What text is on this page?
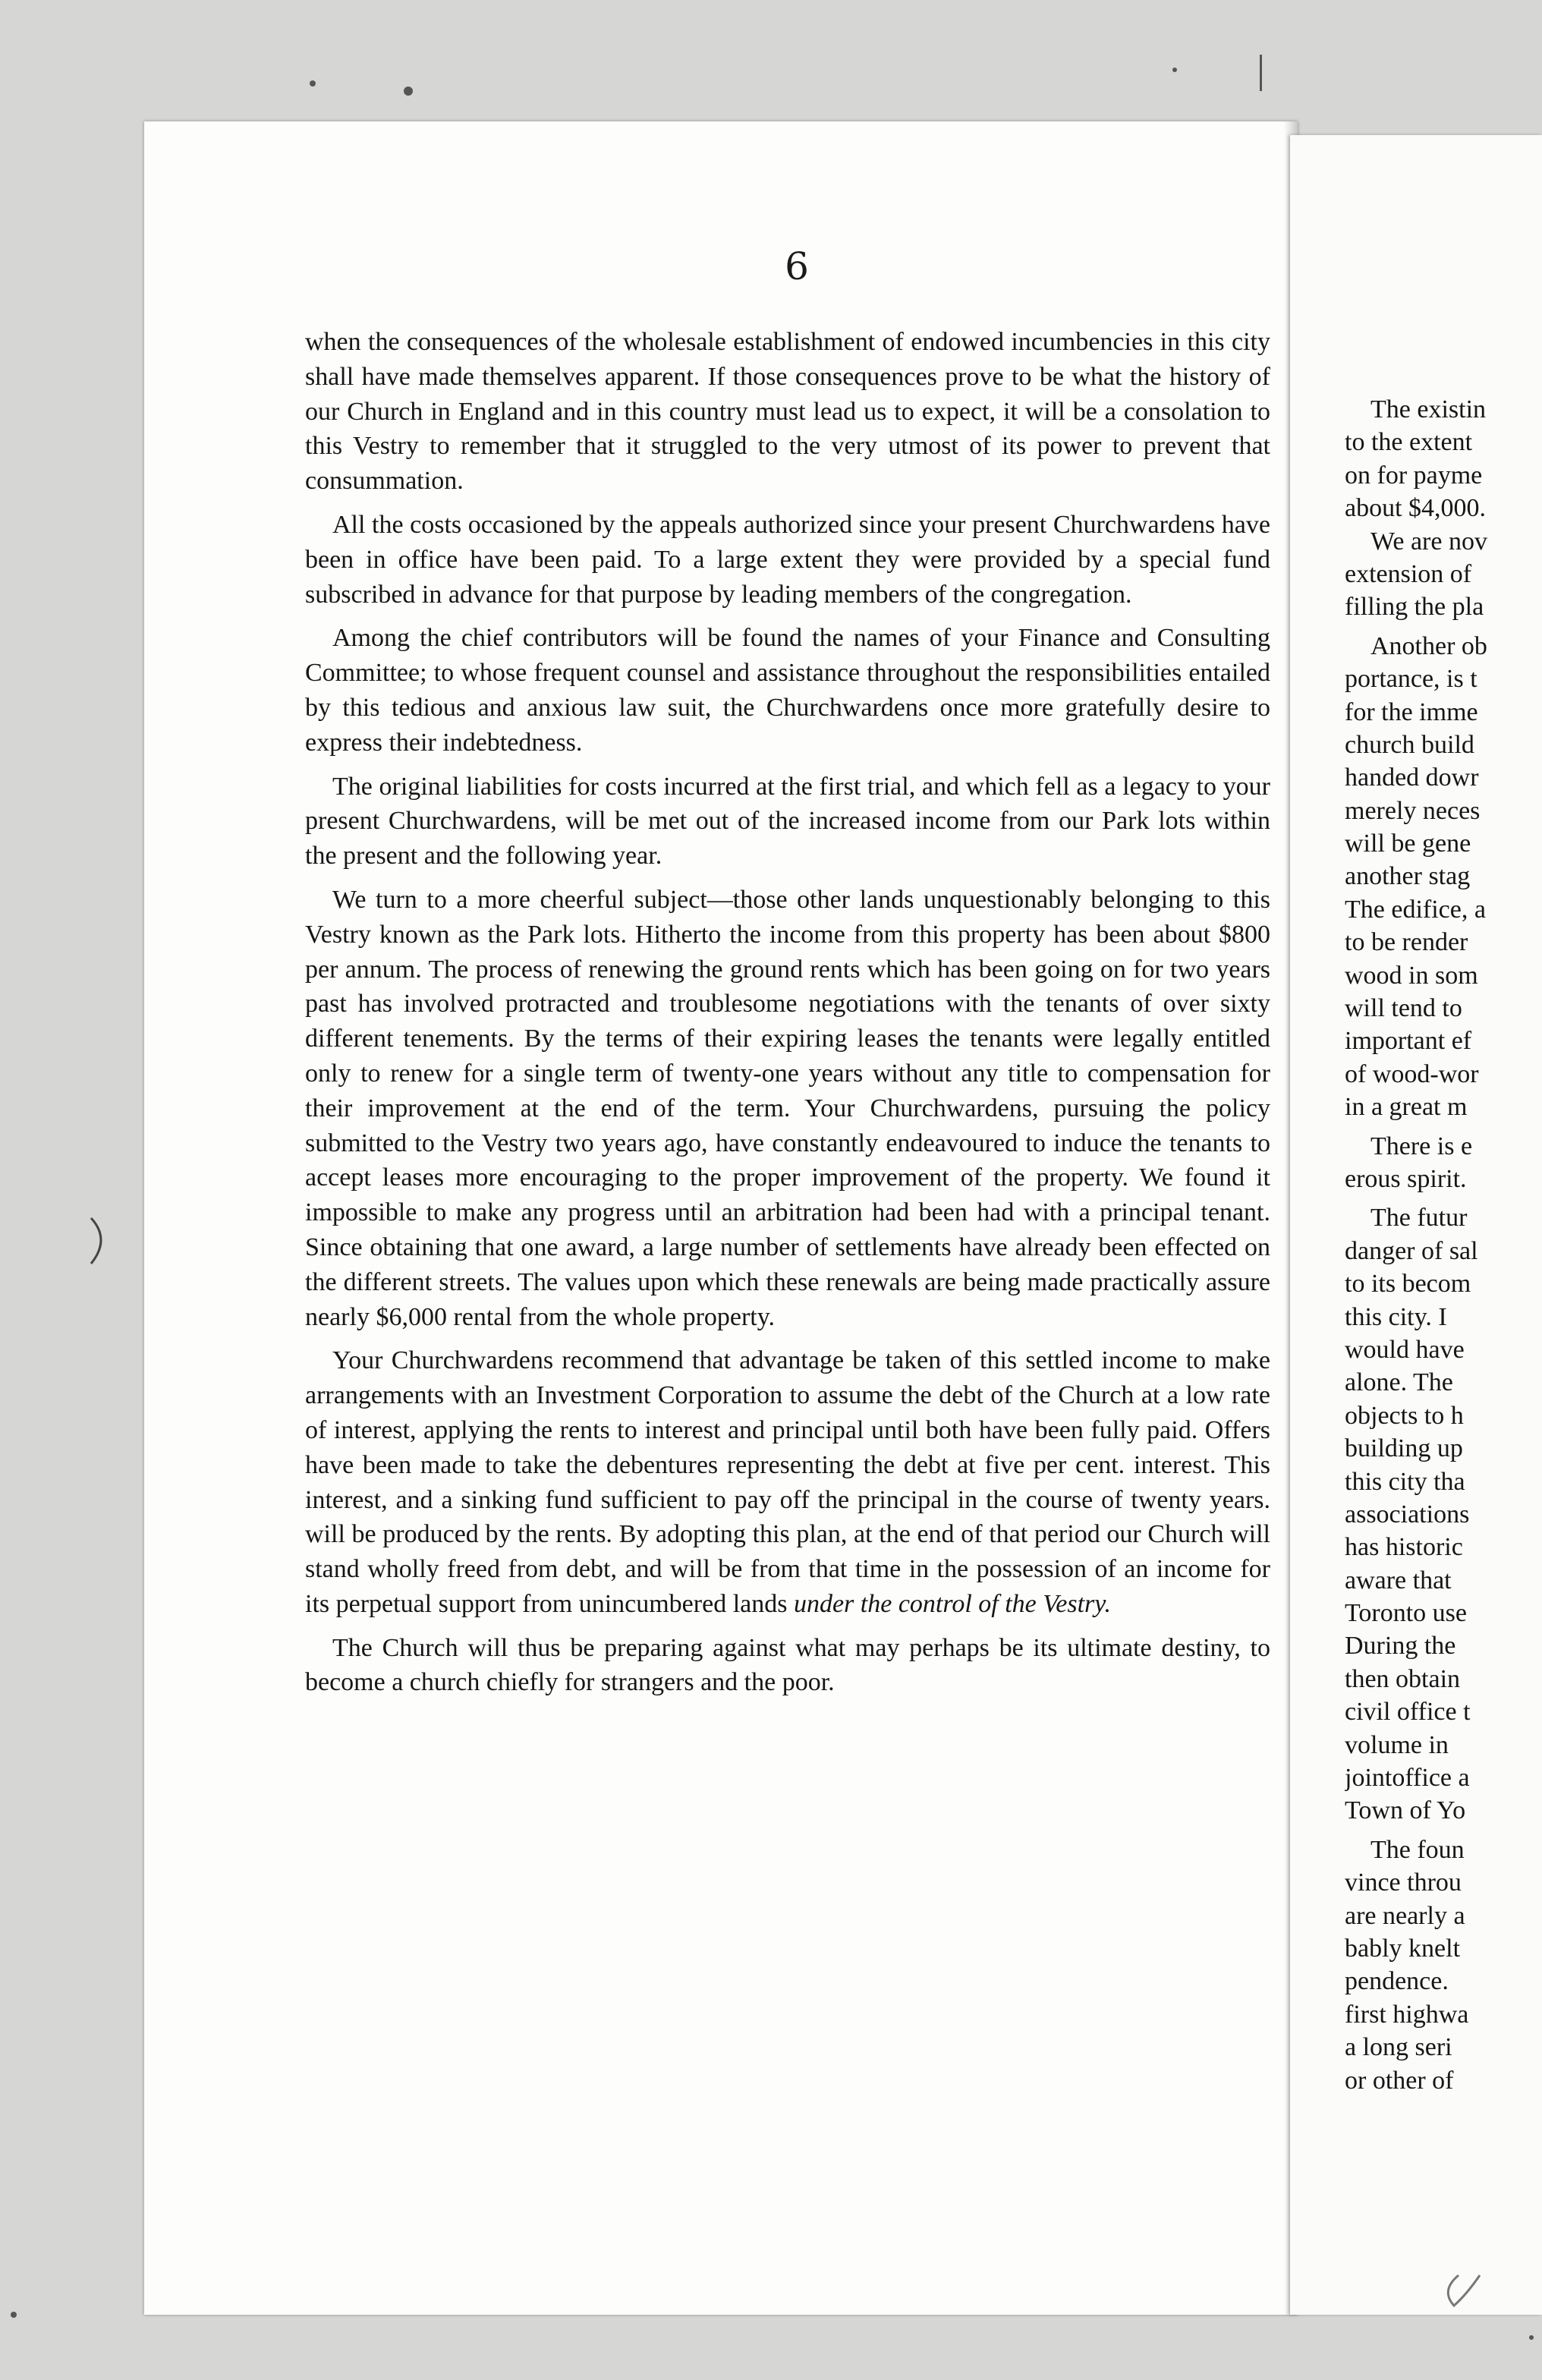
6

when the consequences of the wholesale establishment of endowed incumbencies in this city shall have made themselves apparent. If those consequences prove to be what the history of our Church in England and in this country must lead us to expect, it will be a consolation to this Vestry to remember that it struggled to the very utmost of its power to prevent that consummation.

All the costs occasioned by the appeals authorized since your present Churchwardens have been in office have been paid. To a large extent they were provided by a special fund subscribed in advance for that purpose by leading members of the congregation.

Among the chief contributors will be found the names of your Finance and Consulting Committee; to whose frequent counsel and assistance throughout the responsibilities entailed by this tedious and anxious law suit, the Churchwardens once more gratefully desire to express their indebtedness.

The original liabilities for costs incurred at the first trial, and which fell as a legacy to your present Churchwardens, will be met out of the increased income from our Park lots within the present and the following year.

We turn to a more cheerful subject—those other lands unquestionably belonging to this Vestry known as the Park lots. Hitherto the income from this property has been about $800 per annum. The process of renewing the ground rents which has been going on for two years past has involved protracted and troublesome negotiations with the tenants of over sixty different tenements. By the terms of their expiring leases the tenants were legally entitled only to renew for a single term of twenty-one years without any title to compensation for their improvement at the end of the term. Your Churchwardens, pursuing the policy submitted to the Vestry two years ago, have constantly endeavoured to induce the tenants to accept leases more encouraging to the proper improvement of the property. We found it impossible to make any progress until an arbitration had been had with a principal tenant. Since obtaining that one award, a large number of settlements have already been effected on the different streets. The values upon which these renewals are being made practically assure nearly $6,000 rental from the whole property.

Your Churchwardens recommend that advantage be taken of this settled income to make arrangements with an Investment Corporation to assume the debt of the Church at a low rate of interest, applying the rents to interest and principal until both have been fully paid. Offers have been made to take the debentures representing the debt at five per cent. interest. This interest, and a sinking fund sufficient to pay off the principal in the course of twenty years. will be produced by the rents. By adopting this plan, at the end of that period our Church will stand wholly freed from debt, and will be from that time in the possession of an income for its perpetual support from unincumbered lands under the control of the Vestry.

The Church will thus be preparing against what may perhaps be its ultimate destiny, to become a church chiefly for strangers and the poor.

The existin
to the extent
on for payme
about $4,000.
We are nov
extension of
filling the pla
Another ob
portance, is t
for the imme
church build
handed dowr
merely neces
will be gene
another stag
The edifice, a
to be render
wood in som
will tend to
important ef
of wood-wor
in a great m
There is e
erous spirit.
The futur
danger of sal
to its becom
this city. I
would have
alone. The
objects to h
building up
this city tha
associations
has historic
aware that
Toronto use
During the
then obtain
civil office t
volume in
jointoffice a
Town of Yo
The foun
vince throu
are nearly a
bably knelt
pendence.
first highwa
a long seri
or other of
